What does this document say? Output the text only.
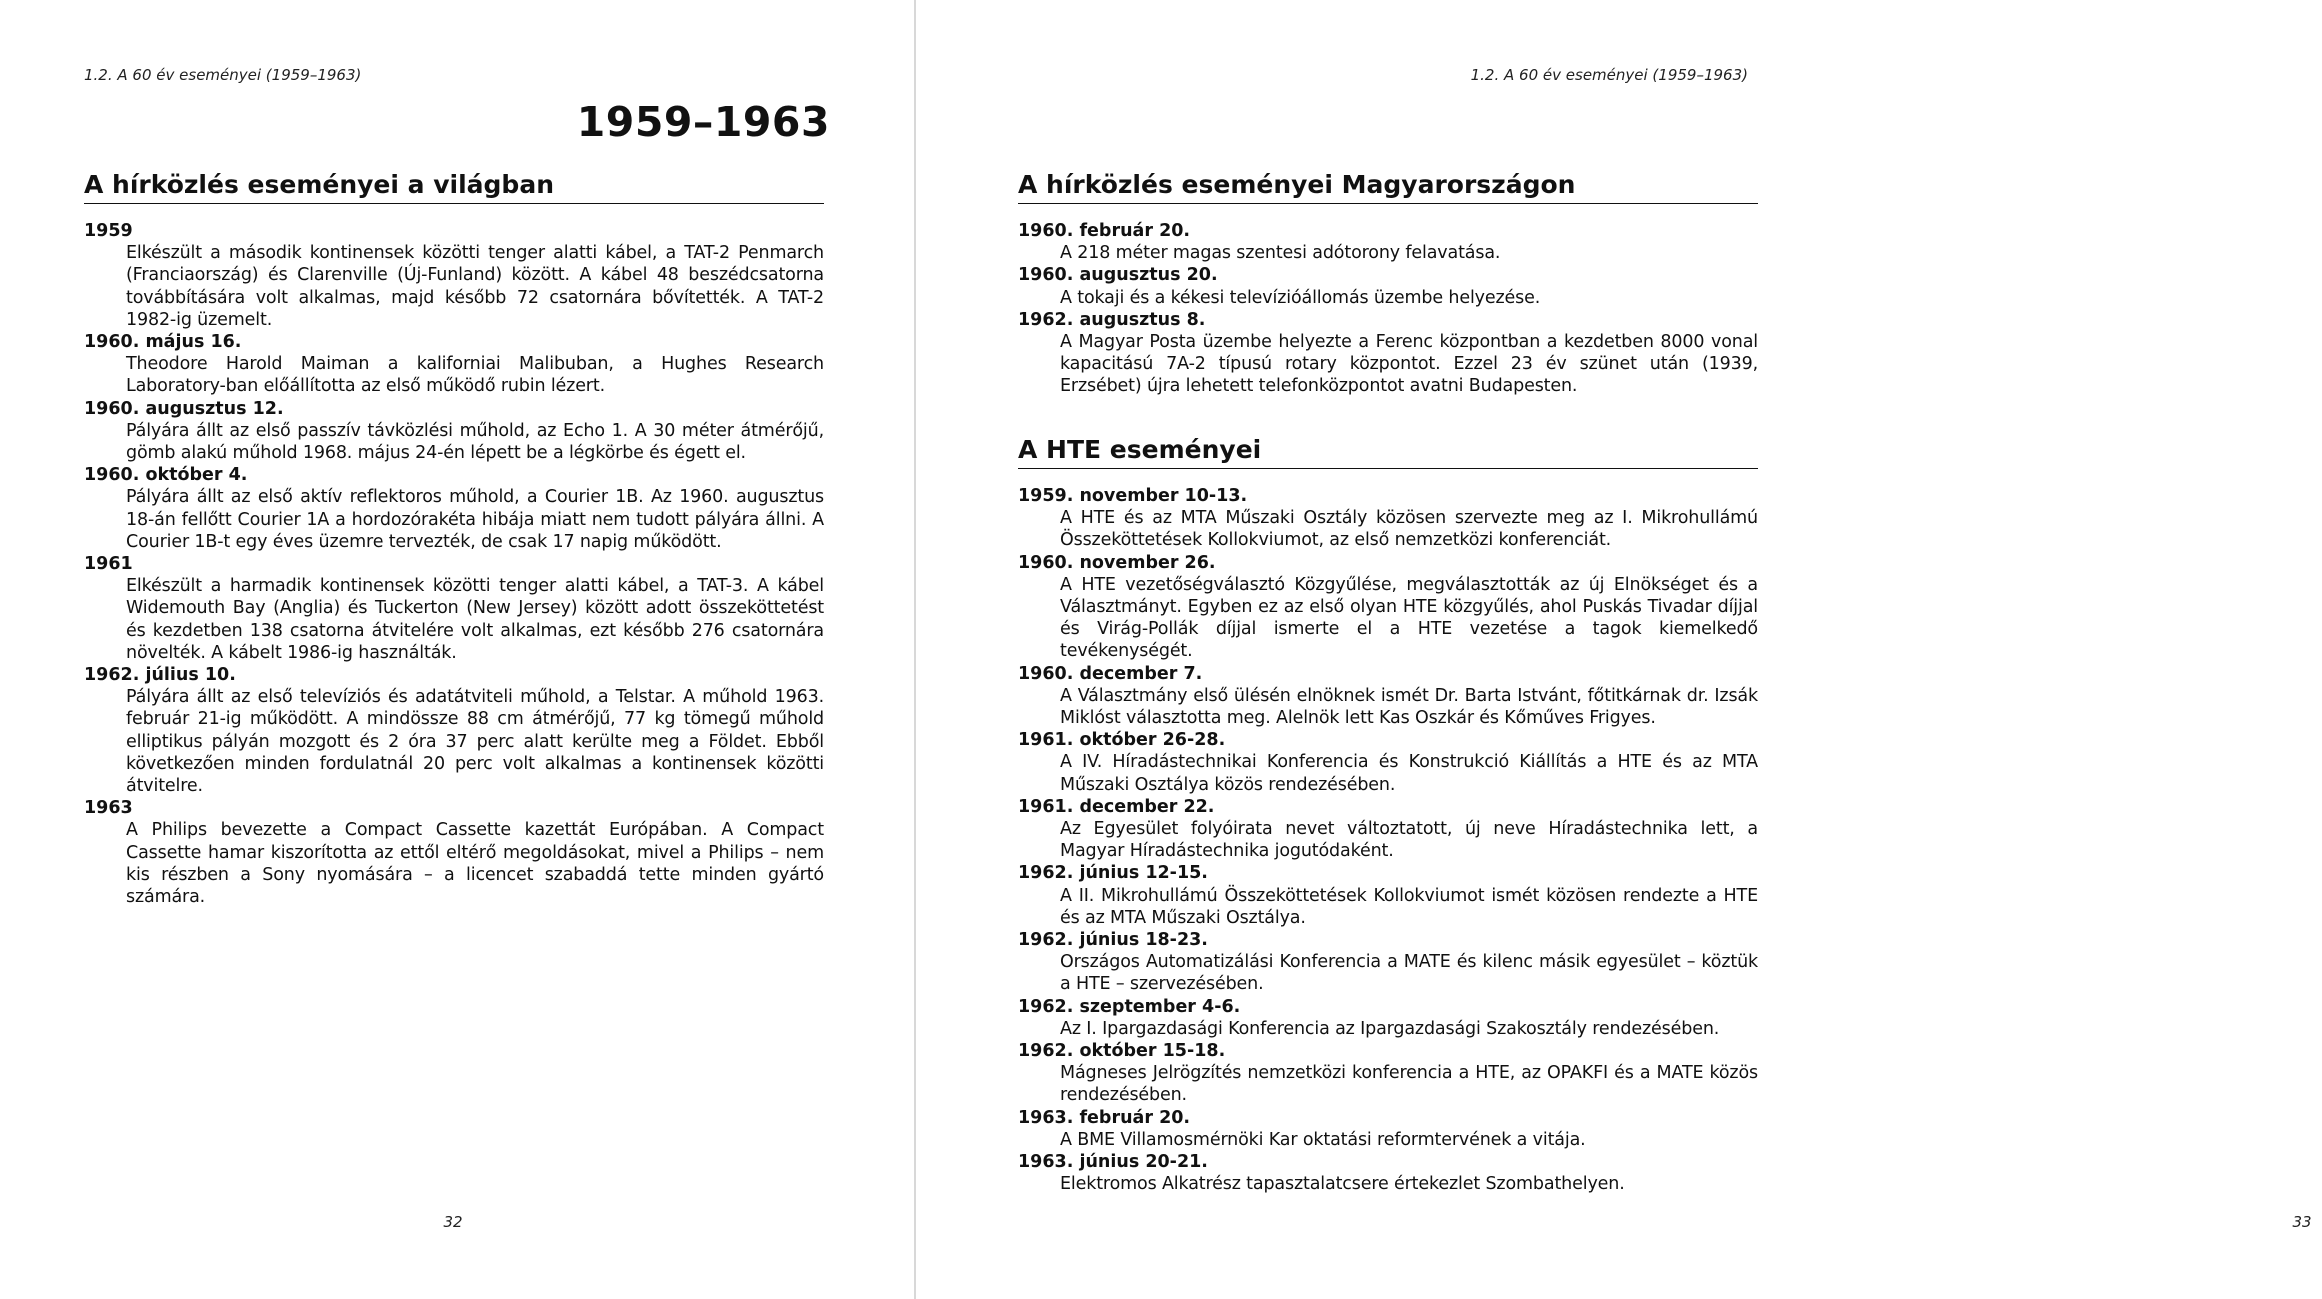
1.2. A 60 év eseményei (1959–1963)
1959–1963
A hírközlés eseményei a világban
1959
Elkészült a második kontinensek közötti tenger alatti kábel, a TAT-2 Penmarch (Franciaország) és Clarenville (Új-Funland) között. A kábel 48 beszédcsatorna továbbítására volt alkalmas, majd később 72 csatornára bővítették. A TAT-2 1982-ig üzemelt.
1960. május 16.
Theodore Harold Maiman a kaliforniai Malibuban, a Hughes Research Laboratory-ban előállította az első működő rubin lézert.
1960. augusztus 12.
Pályára állt az első passzív távközlési műhold, az Echo 1. A 30 méter átmérőjű, gömb alakú műhold 1968. május 24-én lépett be a légkörbe és égett el.
1960. október 4.
Pályára állt az első aktív reflektoros műhold, a Courier 1B. Az 1960. augusztus 18-án fellőtt Courier 1A a hordozórakéta hibája miatt nem tudott pályára állni. A Courier 1B-t egy éves üzemre tervezték, de csak 17 napig működött.
1961
Elkészült a harmadik kontinensek közötti tenger alatti kábel, a TAT-3. A kábel Widemouth Bay (Anglia) és Tuckerton (New Jersey) között adott összeköttetést és kezdetben 138 csatorna átvitelére volt alkalmas, ezt később 276 csatornára növelték. A kábelt 1986-ig használták.
1962. július 10.
Pályára állt az első televíziós és adatátviteli műhold, a Telstar. A műhold 1963. február 21-ig működött. A mindössze 88 cm átmérőjű, 77 kg tömegű műhold elliptikus pályán mozgott és 2 óra 37 perc alatt kerülte meg a Földet. Ebből következően minden fordulatnál 20 perc volt alkalmas a kontinensek közötti átvitelre.
1963
A Philips bevezette a Compact Cassette kazettát Európában. A Compact Cassette hamar kiszorította az ettől eltérő megoldásokat, mivel a Philips – nem kis részben a Sony nyomására – a licencet szabaddá tette minden gyártó számára.
32
1.2. A 60 év eseményei (1959–1963)
A hírközlés eseményei Magyarországon
1960. február 20.
A 218 méter magas szentesi adótorony felavatása.
1960. augusztus 20.
A tokaji és a kékesi televízióállomás üzembe helyezése.
1962. augusztus 8.
A Magyar Posta üzembe helyezte a Ferenc központban a kezdetben 8000 vonal kapacitású 7A-2 típusú rotary központot. Ezzel 23 év szünet után (1939, Erzsébet) újra lehetett telefonközpontot avatni Budapesten.
A HTE eseményei
1959. november 10-13.
A HTE és az MTA Műszaki Osztály közösen szervezte meg az I. Mikrohullámú Összeköttetések Kollokviumot, az első nemzetközi konferenciát.
1960. november 26.
A HTE vezetőségválasztó Közgyűlése, megválasztották az új Elnökséget és a Választmányt. Egyben ez az első olyan HTE közgyűlés, ahol Puskás Tivadar díjjal és Virág-Pollák díjjal ismerte el a HTE vezetése a tagok kiemelkedő tevékenységét.
1960. december 7.
A Választmány első ülésén elnöknek ismét Dr. Barta Istvánt, főtitkárnak dr. Izsák Miklóst választotta meg. Alelnök lett Kas Oszkár és Kőműves Frigyes.
1961. október 26-28.
A IV. Híradástechnikai Konferencia és Konstrukció Kiállítás a HTE és az MTA Műszaki Osztálya közös rendezésében.
1961. december 22.
Az Egyesület folyóirata nevet változtatott, új neve Híradástechnika lett, a Magyar Híradástechnika jogutódaként.
1962. június 12-15.
A II. Mikrohullámú Összeköttetések Kollokviumot ismét közösen rendezte a HTE és az MTA Műszaki Osztálya.
1962. június 18-23.
Országos Automatizálási Konferencia a MATE és kilenc másik egyesület – köztük a HTE – szervezésében.
1962. szeptember 4-6.
Az I. Ipargazdasági Konferencia az Ipargazdasági Szakosztály rendezésében.
1962. október 15-18.
Mágneses Jelrögzítés nemzetközi konferencia a HTE, az OPAKFI és a MATE közös rendezésében.
1963. február 20.
A BME Villamosmérnöki Kar oktatási reformtervének a vitája.
1963. június 20-21.
Elektromos Alkatrész tapasztalatcsere értekezlet Szombathelyen.
33
